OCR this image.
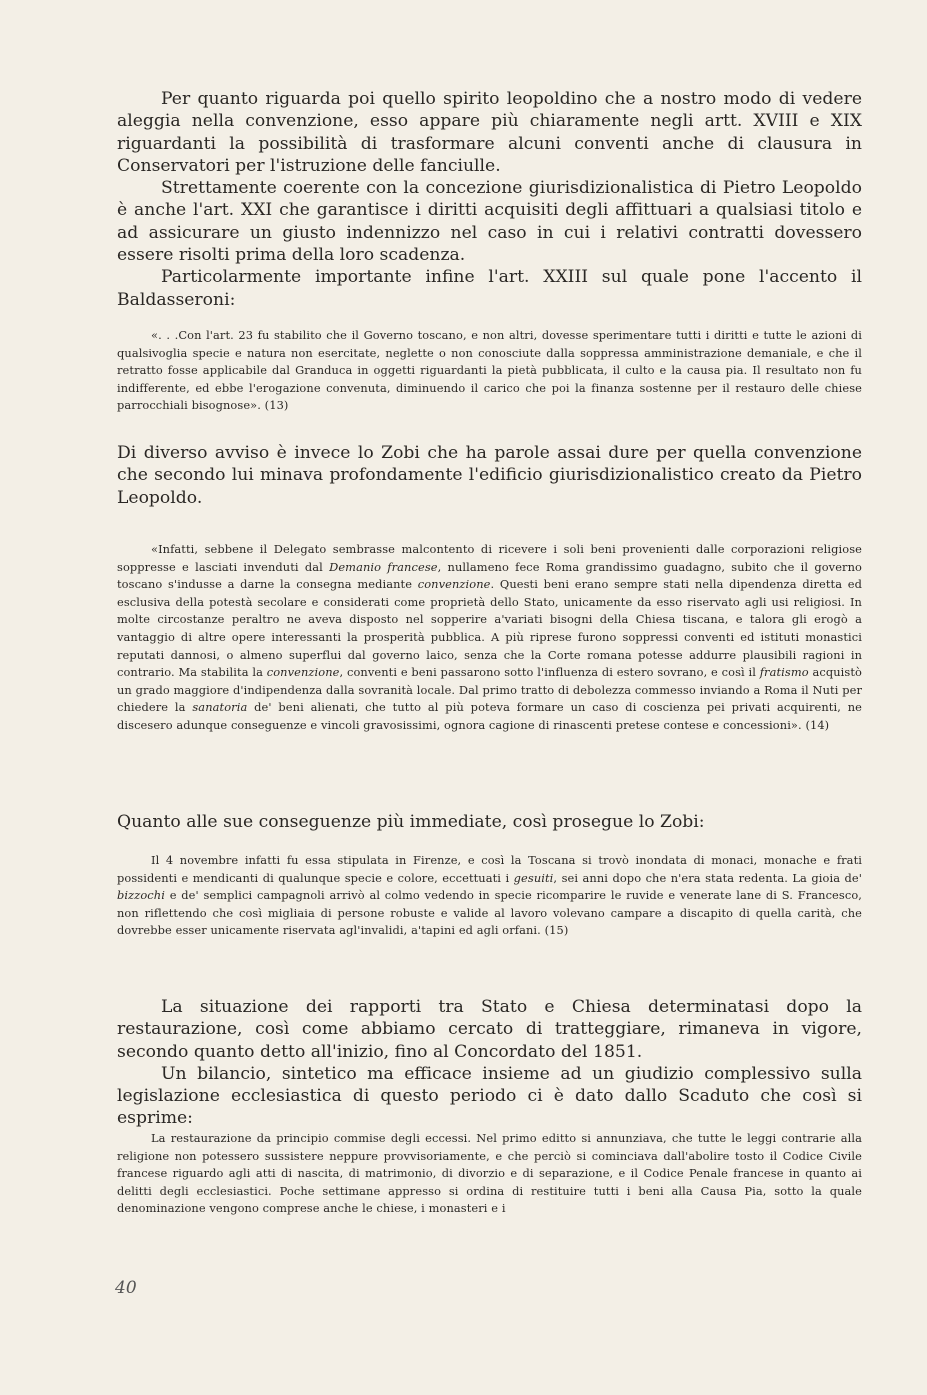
Per quanto riguarda poi quello spirito leopoldino che a nostro modo di vedere aleggia nella convenzione, esso appare più chiaramente negli artt. XVIII e XIX riguardanti la possibilità di trasformare alcuni conventi anche di clausura in Conservatori per l'istruzione delle fanciulle.

Strettamente coerente con la concezione giurisdizionalistica di Pietro Leopoldo è anche l'art. XXI che garantisce i diritti acquisiti degli affittuari a qualsiasi titolo e ad assicurare un giusto indennizzo nel caso in cui i relativi contratti dovessero essere risolti prima della loro scadenza.

Particolarmente importante infine l'art. XXIII sul quale pone l'accento il Baldasseroni:

«. . .Con l'art. 23 fu stabilito che il Governo toscano, e non altri, dovesse sperimentare tutti i diritti e tutte le azioni di qualsivoglia specie e natura non esercitate, neglette o non conosciute dalla soppressa amministrazione demaniale, e che il retratto fosse applicabile dal Granduca in oggetti riguardanti la pietà pubblicata, il culto e la causa pia. Il resultato non fu indifferente, ed ebbe l'erogazione convenuta, diminuendo il carico che poi la finanza sostenne per il restauro delle chiese parrocchiali bisognose». (13)

Di diverso avviso è invece lo Zobi che ha parole assai dure per quella convenzione che secondo lui minava profondamente l'edificio giurisdizionalistico creato da Pietro Leopoldo.

«Infatti, sebbene il Delegato sembrasse malcontento di ricevere i soli beni provenienti dalle corporazioni religiose soppresse e lasciati invenduti dal Demanio francese, nullameno fece Roma grandissimo guadagno, subito che il governo toscano s'indusse a darne la consegna mediante convenzione. Questi beni erano sempre stati nella dipendenza diretta ed esclusiva della potestà secolare e considerati come proprietà dello Stato, unicamente da esso riservato agli usi religiosi. In molte circostanze peraltro ne aveva disposto nel sopperire a'variati bisogni della Chiesa tiscana, e talora gli erogò a vantaggio di altre opere interessanti la prosperità pubblica. A più riprese furono soppressi conventi ed istituti monastici reputati dannosi, o almeno superflui dal governo laico, senza che la Corte romana potesse addurre plausibili ragioni in contrario. Ma stabilita la convenzione, conventi e beni passarono sotto l'influenza di estero sovrano, e così il fratismo acquistò un grado maggiore d'indipendenza dalla sovranità locale. Dal primo tratto di debolezza commesso inviando a Roma il Nuti per chiedere la sanatoria de' beni alienati, che tutto al più poteva formare un caso di coscienza pei privati acquirenti, ne discesero adunque conseguenze e vincoli gravosissimi, ognora cagione di rinascenti pretese contese e concessioni». (14)

Quanto alle sue conseguenze più immediate, così prosegue lo Zobi:

Il 4 novembre infatti fu essa stipulata in Firenze, e così la Toscana si trovò inondata di monaci, monache e frati possidenti e mendicanti di qualunque specie e colore, eccettuati i gesuiti, sei anni dopo che n'era stata redenta. La gioia de' bizzochi e de' semplici campagnoli arrivò al colmo vedendo in specie ricomparire le ruvide e venerate lane di S. Francesco, non riflettendo che così migliaia di persone robuste e valide al lavoro volevano campare a discapito di quella carità, che dovrebbe esser unicamente riservata agl'invalidi, a'tapini ed agli orfani. (15)

La situazione dei rapporti tra Stato e Chiesa determinatasi dopo la restaurazione, così come abbiamo cercato di tratteggiare, rimaneva in vigore, secondo quanto detto all'inizio, fino al Concordato del 1851.

Un bilancio, sintetico ma efficace insieme ad un giudizio complessivo sulla legislazione ecclesiastica di questo periodo ci è dato dallo Scaduto che così si esprime:

La restaurazione da principio commise degli eccessi. Nel primo editto si annunziava, che tutte le leggi contrarie alla religione non potessero sussistere neppure provvisoriamente, e che perciò si cominciava dall'abolire tosto il Codice Civile francese riguardo agli atti di nascita, di matrimonio, di divorzio e di separazione, e il Codice Penale francese in quanto ai delitti degli ecclesiastici. Poche settimane appresso si ordina di restituire tutti i beni alla Causa Pia, sotto la quale denominazione vengono comprese anche le chiese, i monasteri e i

40
